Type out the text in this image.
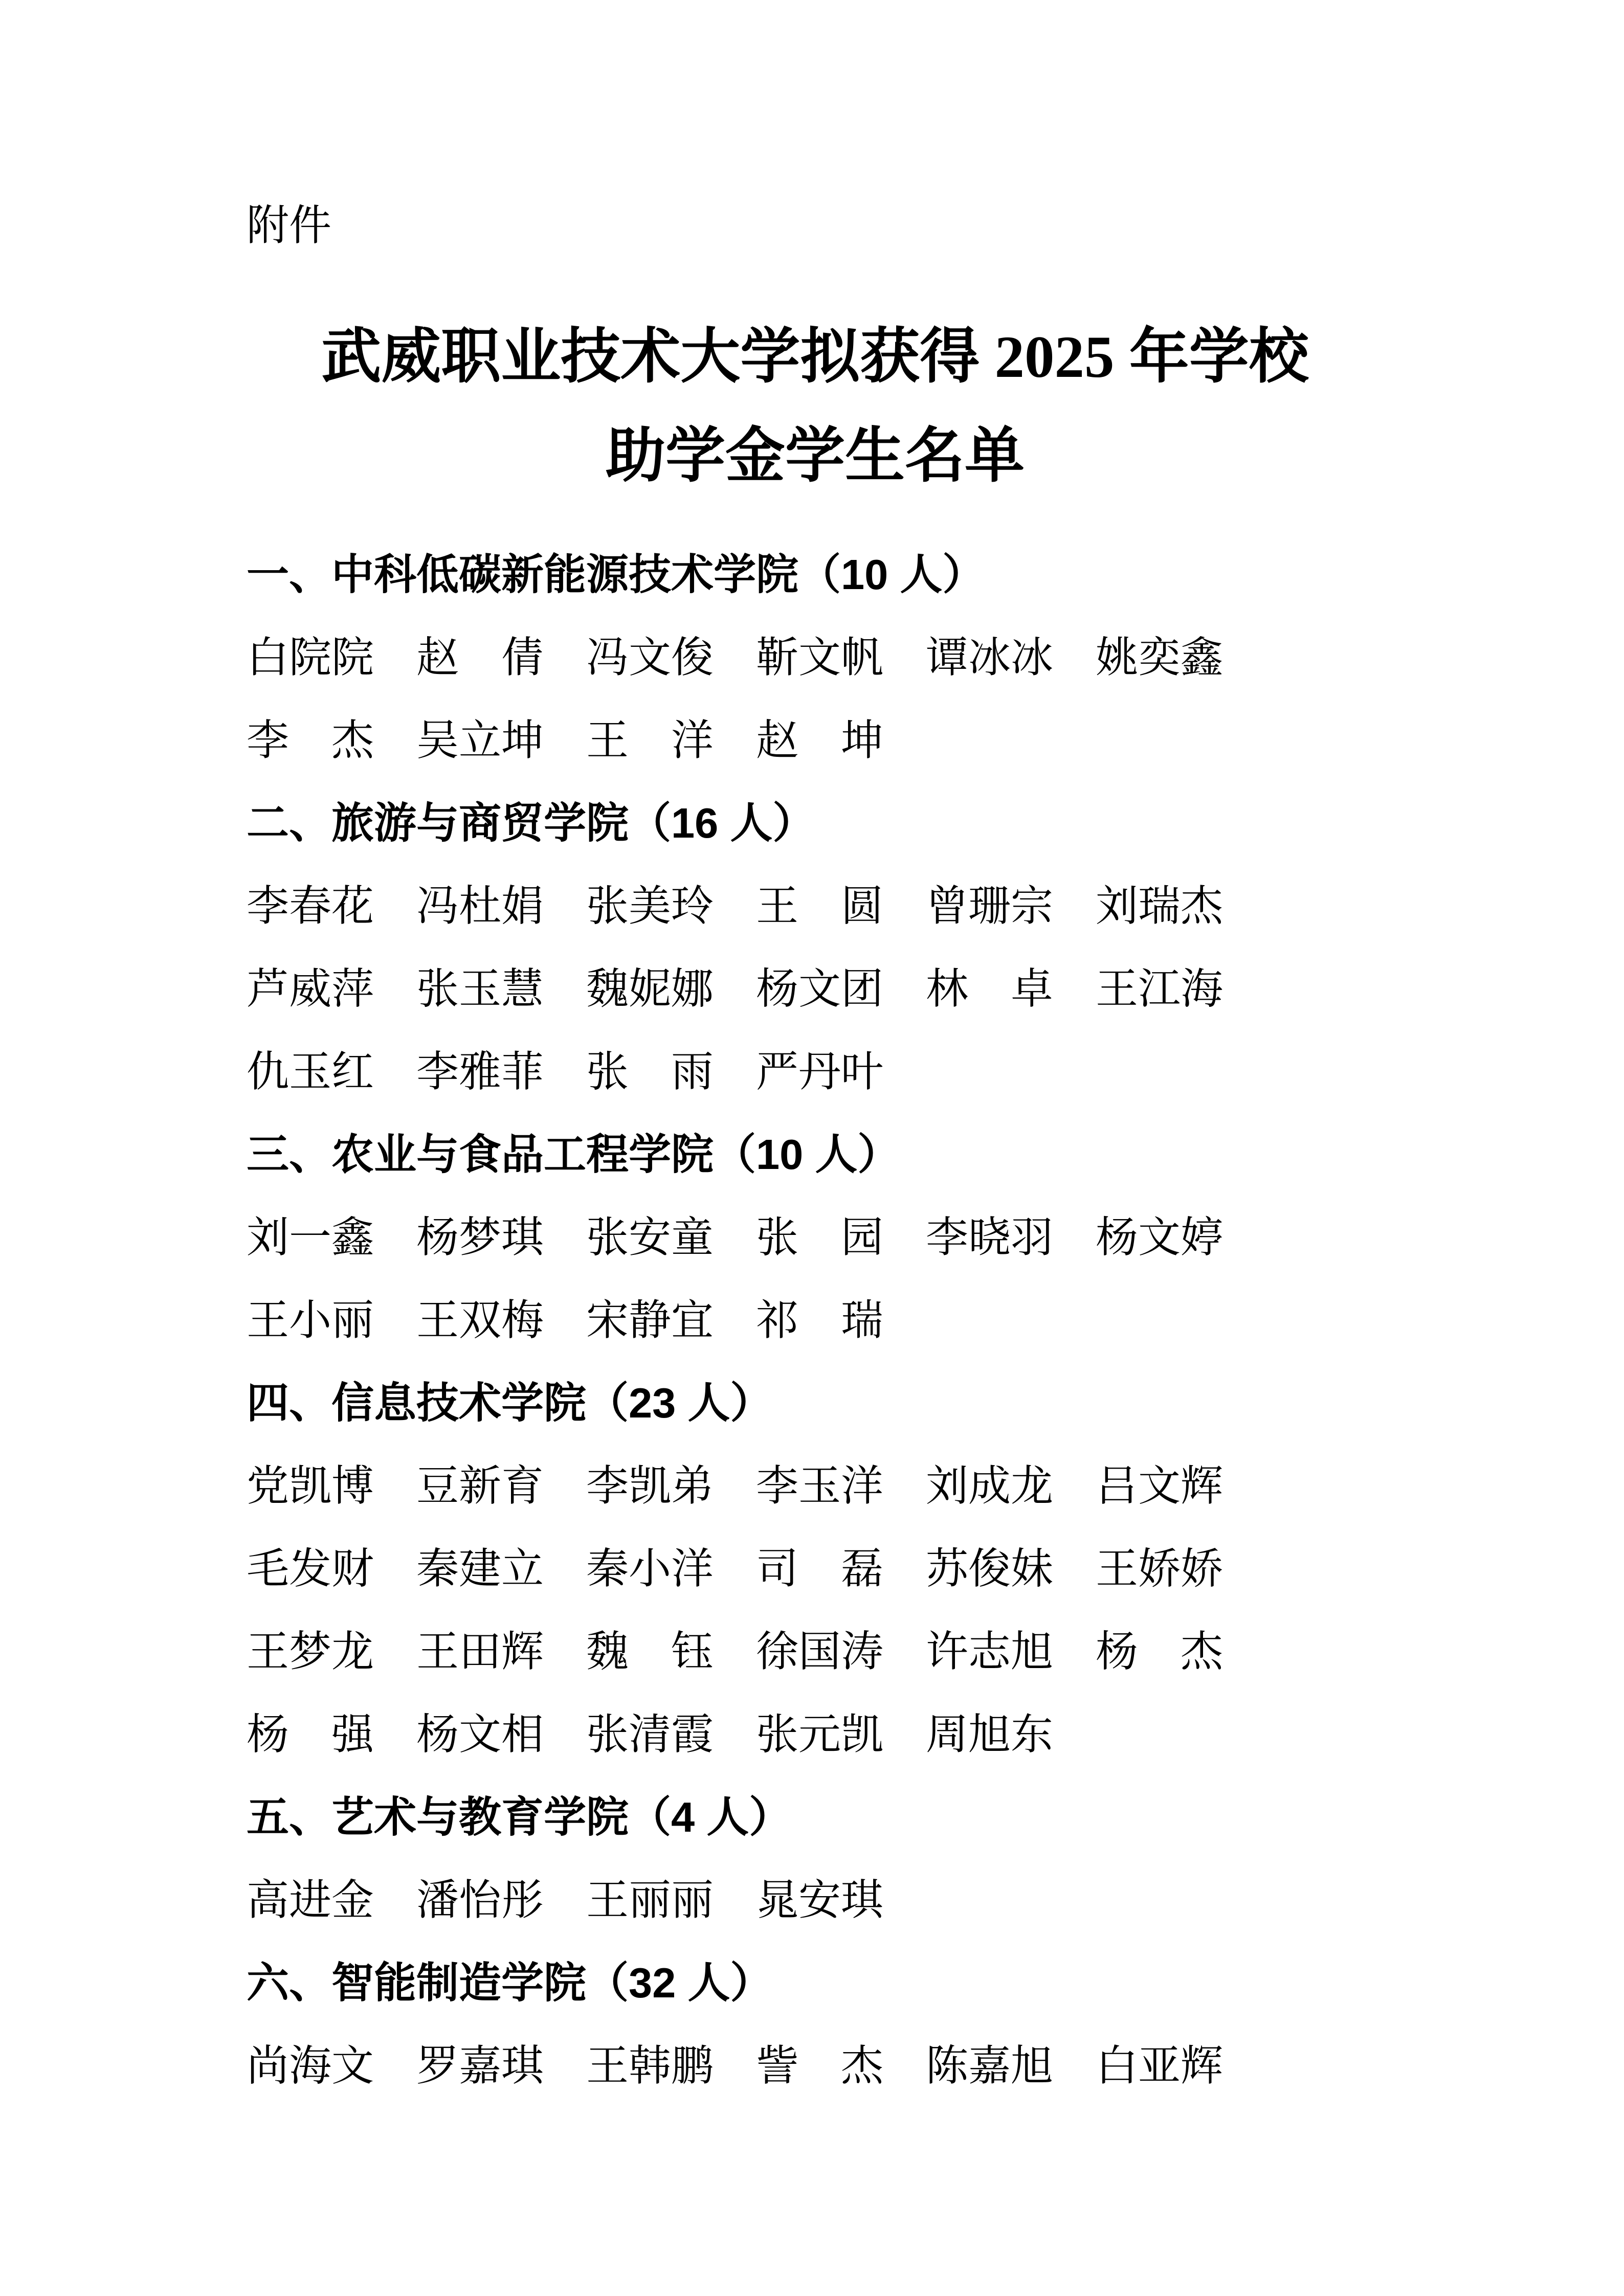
附件
武威职业技术大学拟获得 2025 年学校
助学金学生名单

一、中科低碳新能源技术学院（10 人）

白院院　赵　倩　冯文俊　靳文帆　谭冰冰　姚奕鑫

李　杰　吴立坤　王　洋　赵　坤

二、旅游与商贸学院（16 人）

李春花　冯杜娟　张美玲　王　圆　曾珊宗　刘瑞杰

芦威萍　张玉慧　魏妮娜　杨文团　林　卓　王江海

仇玉红　李雅菲　张　雨　严丹叶

三、农业与食品工程学院（10 人）

刘一鑫　杨梦琪　张安童　张　园　李晓羽　杨文婷

王小丽　王双梅　宋静宜　祁　瑞

四、信息技术学院（23 人）

党凯博　豆新育　李凯弟　李玉洋　刘成龙　吕文辉

毛发财　秦建立　秦小洋　司　磊　苏俊妹　王娇娇

王梦龙　王田辉　魏　钰　徐国涛　许志旭　杨　杰

杨　强　杨文相　张清霞　张元凯　周旭东

五、艺术与教育学院（4 人）

高进金　潘怡彤　王丽丽　晁安琪

六、智能制造学院（32 人）

尚海文　罗嘉琪　王韩鹏　訾　杰　陈嘉旭　白亚辉
